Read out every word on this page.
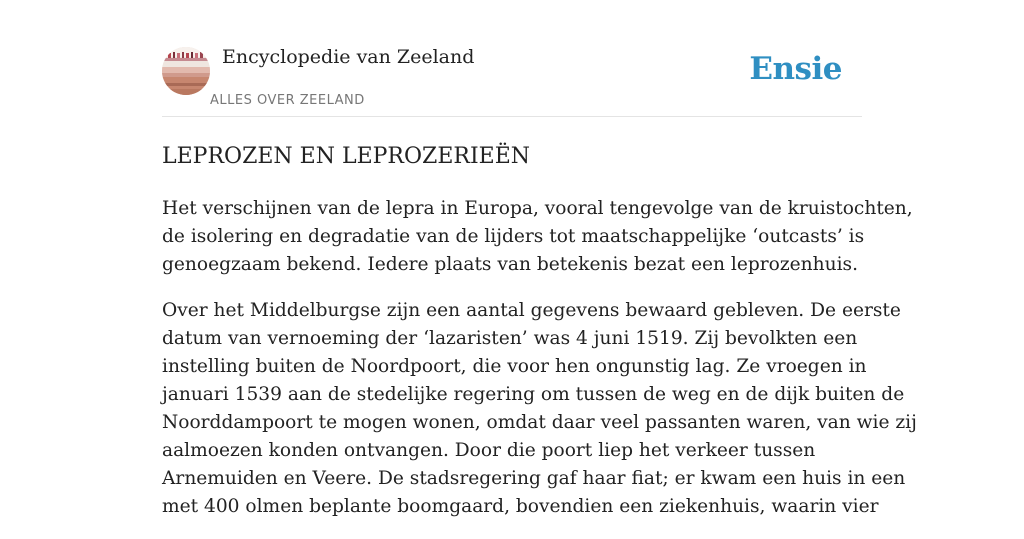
Encyclopedie van Zeeland
ALLES OVER ZEELAND
Ensie
LEPROZEN EN LEPROZERIEËN

Het verschijnen van de lepra in Europa, vooral tengevolge van de kruistochten,
de isolering en degradatie van de lijders tot maatschappelijke ‘outcasts’ is
genoegzaam bekend. Iedere plaats van betekenis bezat een leprozenhuis.

Over het Middelburgse zijn een aantal gegevens bewaard gebleven. De eerste
datum van vernoeming der ‘lazaristen’ was 4 juni 1519. Zij bevolkten een
instelling buiten de Noordpoort, die voor hen ongunstig lag. Ze vroegen in
januari 1539 aan de stedelijke regering om tussen de weg en de dijk buiten de
Noorddampoort te mogen wonen, omdat daar veel passanten waren, van wie zij
aalmoezen konden ontvangen. Door die poort liep het verkeer tussen
Arnemuiden en Veere. De stadsregering gaf haar fiat; er kwam een huis in een
met 400 olmen beplante boomgaard, bovendien een ziekenhuis, waarin vier
